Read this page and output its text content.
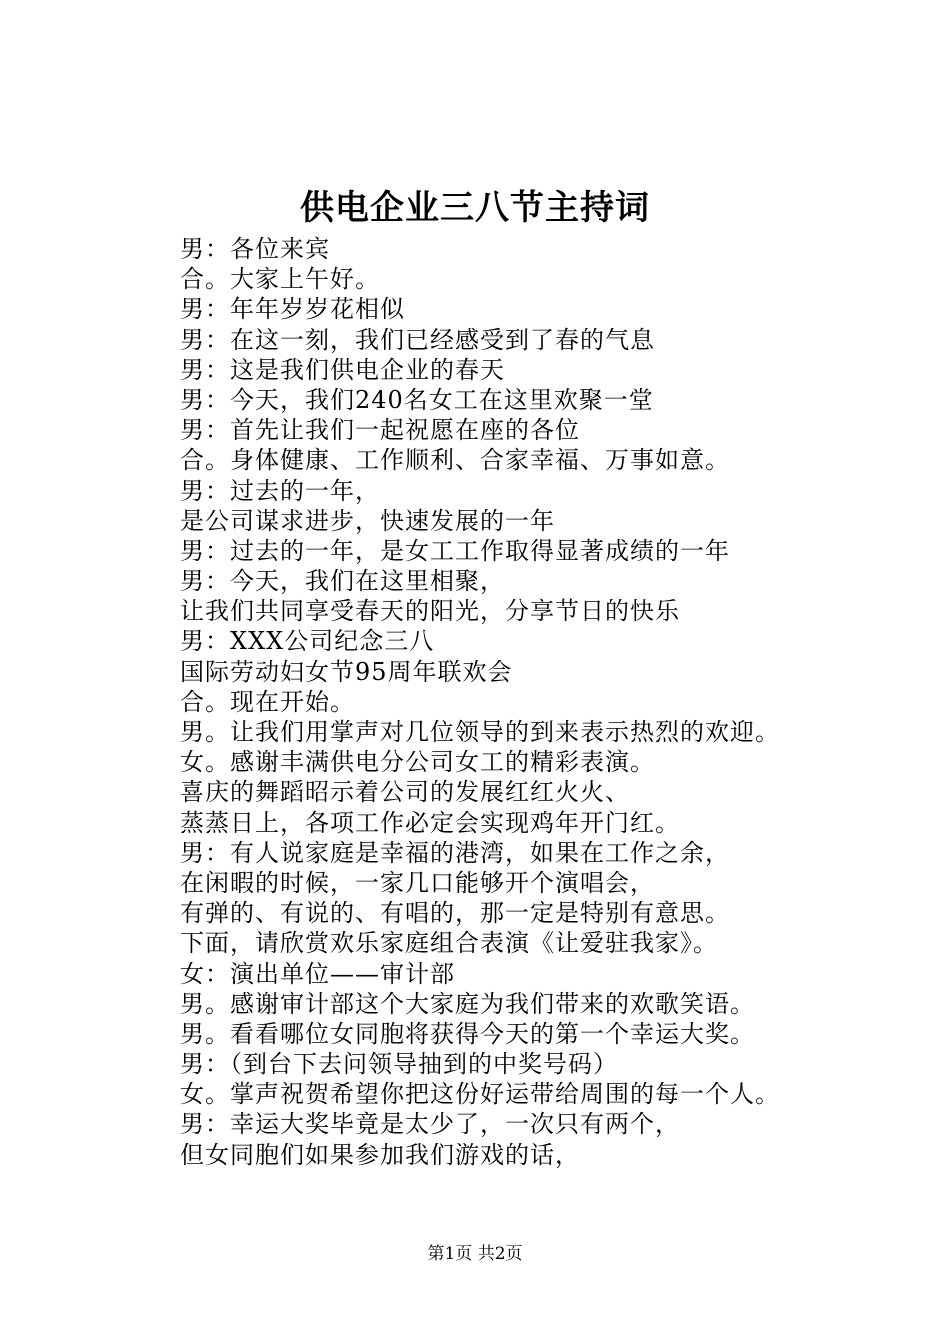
供电企业三八节主持词
男：各位来宾
合。大家上午好。
男：年年岁岁花相似
男：在这一刻，我们已经感受到了春的气息
男：这是我们供电企业的春天
男：今天，我们240名女工在这里欢聚一堂
男：首先让我们一起祝愿在座的各位
合。身体健康、工作顺利、合家幸福、万事如意。
男：过去的一年，
是公司谋求进步，快速发展的一年
男：过去的一年，是女工工作取得显著成绩的一年
男：今天，我们在这里相聚，
让我们共同享受春天的阳光，分享节日的快乐
男：XXX公司纪念三八
国际劳动妇女节95周年联欢会
合。现在开始。
男。让我们用掌声对几位领导的到来表示热烈的欢迎。
女。感谢丰满供电分公司女工的精彩表演。
喜庆的舞蹈昭示着公司的发展红红火火、
蒸蒸日上，各项工作必定会实现鸡年开门红。
男：有人说家庭是幸福的港湾，如果在工作之余，
在闲暇的时候，一家几口能够开个演唱会，
有弹的、有说的、有唱的，那一定是特别有意思。
下面，请欣赏欢乐家庭组合表演《让爱驻我家》。
女：演出单位——审计部
男。感谢审计部这个大家庭为我们带来的欢歌笑语。
男。看看哪位女同胞将获得今天的第一个幸运大奖。
男：（到台下去问领导抽到的中奖号码）
女。掌声祝贺希望你把这份好运带给周围的每一个人。
男：幸运大奖毕竟是太少了，一次只有两个，
但女同胞们如果参加我们游戏的话，
第1页 共2页
